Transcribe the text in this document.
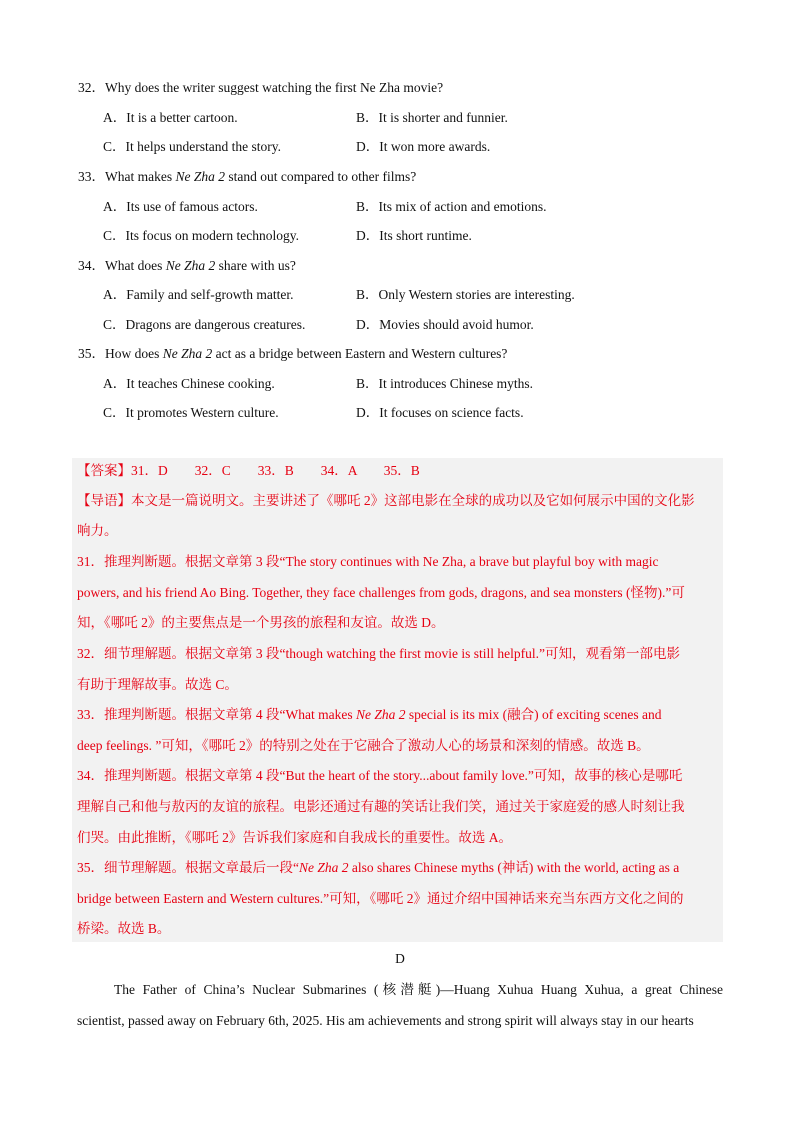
32．Why does the writer suggest watching the first Ne Zha movie?
A．It is a better cartoon.	B．It is shorter and funnier.
C．It helps understand the story.	D．It won more awards.
33．What makes Ne Zha 2 stand out compared to other films?
A．Its use of famous actors.	B．Its mix of action and emotions.
C．Its focus on modern technology.	D．Its short runtime.
34．What does Ne Zha 2 share with us?
A．Family and self-growth matter.	B．Only Western stories are interesting.
C．Dragons are dangerous creatures.	D．Movies should avoid humor.
35．How does Ne Zha 2 act as a bridge between Eastern and Western cultures?
A．It teaches Chinese cooking.	B．It introduces Chinese myths.
C．It promotes Western culture.	D．It focuses on science facts.
【答案】31．D　　32．C　　33．B　　34．A　　35．B
【导语】本文是一篇说明文。主要讲述了《哪吒 2》这部电影在全球的成功以及它如何展示中国的文化影
响力。
31．推理判断题。根据文章第 3 段“The story continues with Ne Zha, a brave but playful boy with magic
powers, and his friend Ao Bing. Together, they face challenges from gods, dragons, and sea monsters (怪物).”可
知，《哪吒 2》的主要焦点是一个男孩的旅程和友谊。故选 D。
32．细节理解题。根据文章第 3 段“though watching the first movie is still helpful.”可知，观看第一部电影
有助于理解故事。故选 C。
33．推理判断题。根据文章第 4 段“What makes Ne Zha 2 special is its mix (融合) of exciting scenes and
deep feelings. ”可知，《哪吒 2》的特别之处在于它融合了激动人心的场景和深刻的情感。故选 B。
34．推理判断题。根据文章第 4 段“But the heart of the story...about family love.”可知，故事的核心是哪吒
理解自己和他与敖丙的友谊的旅程。电影还通过有趣的笑话让我们笑，通过关于家庭爱的感人时刻让我
们哭。由此推断，《哪吒 2》告诉我们家庭和自我成长的重要性。故选 A。
35．细节理解题。根据文章最后一段“Ne Zha 2 also shares Chinese myths (神话) with the world, acting as a
bridge between Eastern and Western cultures.”可知，《哪吒 2》通过介绍中国神话来充当东西方文化之间的
桥梁。故选 B。
D
The Father of China’s Nuclear Submarines (核潜艇)—Huang Xuhua Huang Xuhua, a great Chinese
scientist, passed away on February 6th, 2025. His am achievements and strong spirit will always stay in our hearts
